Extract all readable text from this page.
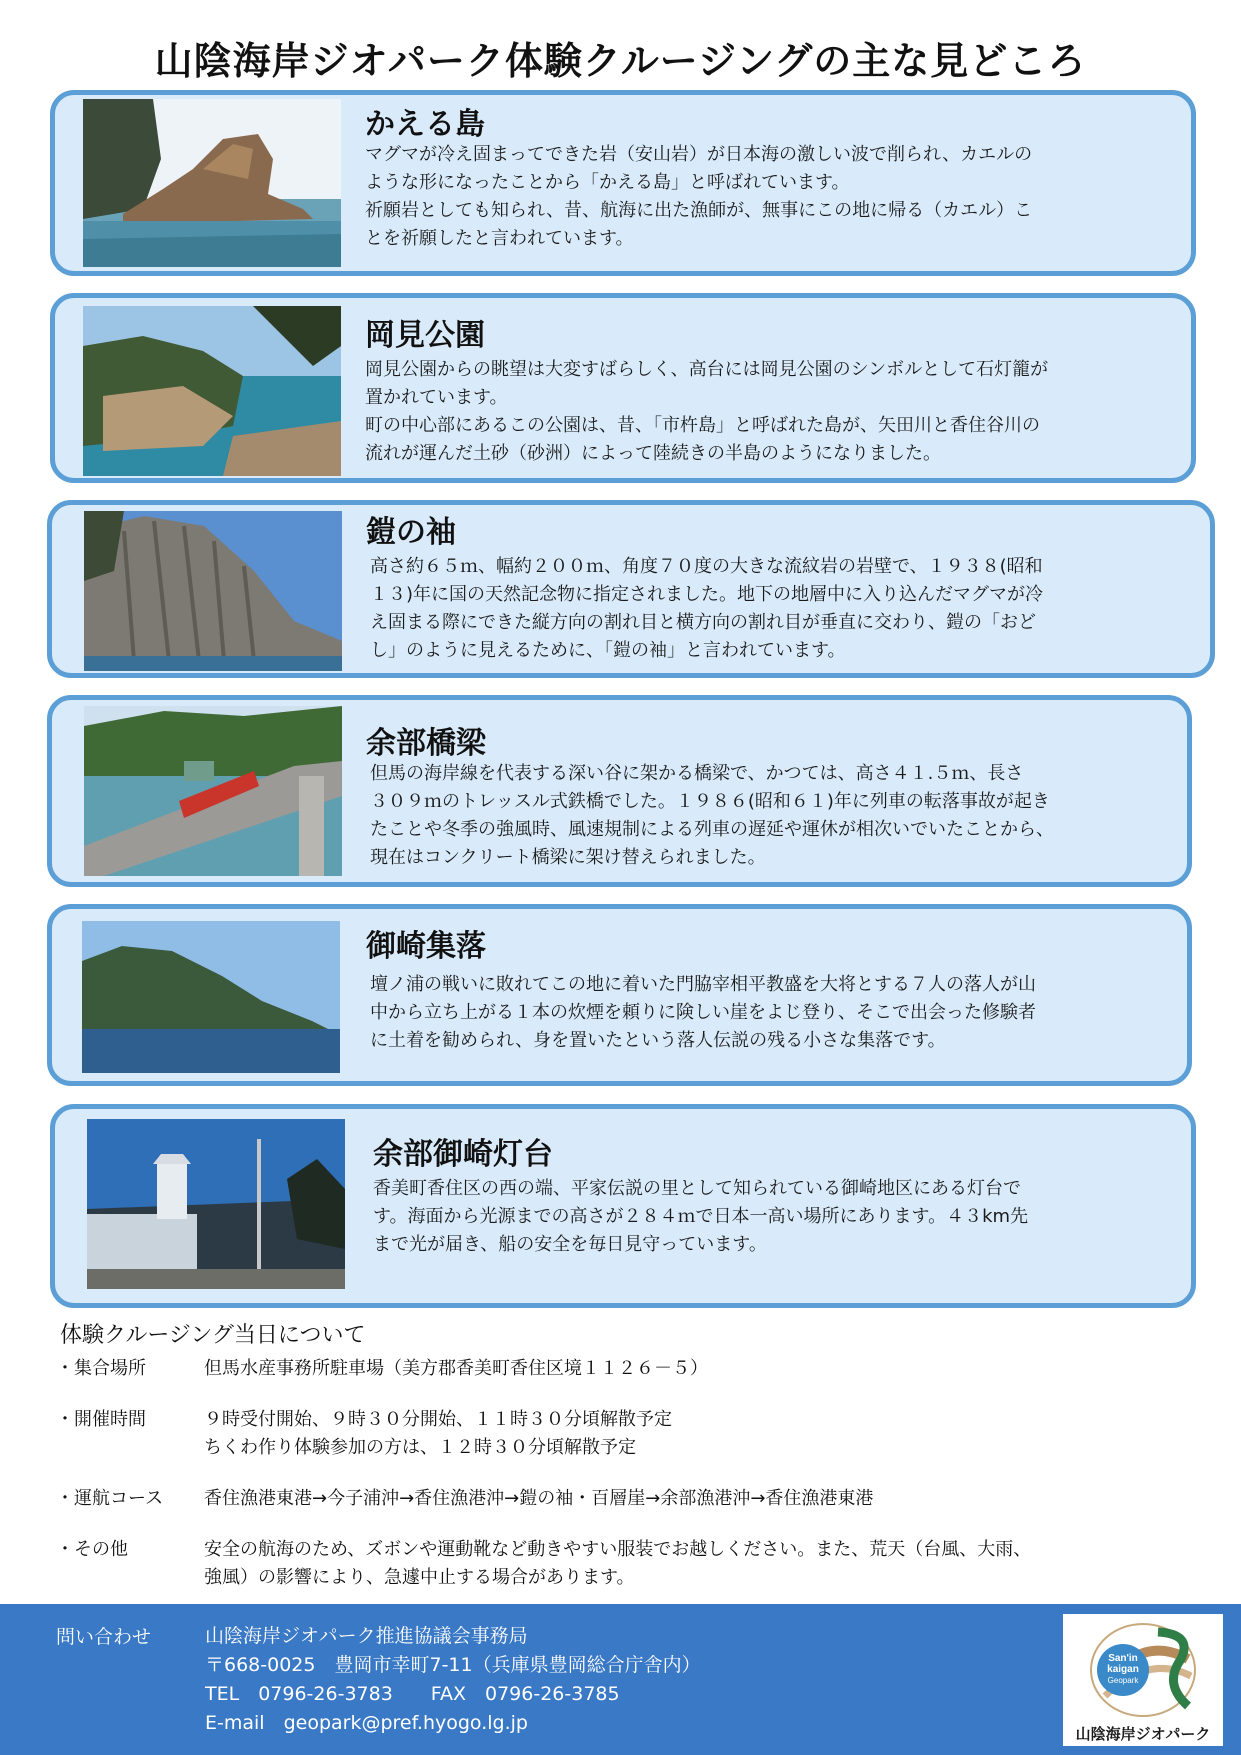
山陰海岸ジオパーク体験クルージングの主な見どころ
かえる島

マグマが冷え固まってできた岩（安山岩）が日本海の激しい波で削られ、カエルの
ような形になったことから「かえる島」と呼ばれています。
祈願岩としても知られ、昔、航海に出た漁師が、無事にこの地に帰る（カエル）こ
とを祈願したと言われています。

岡見公園

岡見公園からの眺望は大変すばらしく、高台には岡見公園のシンボルとして石灯籠が
置かれています。
町の中心部にあるこの公園は、昔、「市杵島」と呼ばれた島が、矢田川と香住谷川の
流れが運んだ土砂（砂洲）によって陸続きの半島のようになりました。

鎧の袖

高さ約６５ｍ、幅約２００ｍ、角度７０度の大きな流紋岩の岩壁で、１９３８(昭和
１３)年に国の天然記念物に指定されました。地下の地層中に入り込んだマグマが冷
え固まる際にできた縦方向の割れ目と横方向の割れ目が垂直に交わり、鎧の「おど
し」のように見えるために、「鎧の袖」と言われています。

余部橋梁

但馬の海岸線を代表する深い谷に架かる橋梁で、かつては、高さ４１.５ｍ、長さ
３０９ｍのトレッスル式鉄橋でした。１９８６(昭和６１)年に列車の転落事故が起き
たことや冬季の強風時、風速規制による列車の遅延や運休が相次いでいたことから、
現在はコンクリート橋梁に架け替えられました。

御崎集落

壇ノ浦の戦いに敗れてこの地に着いた門脇宰相平教盛を大将とする７人の落人が山
中から立ち上がる１本の炊煙を頼りに険しい崖をよじ登り、そこで出会った修験者
に土着を勧められ、身を置いたという落人伝説の残る小さな集落です。

余部御崎灯台

香美町香住区の西の端、平家伝説の里として知られている御崎地区にある灯台で
す。海面から光源までの高さが２８４ｍで日本一高い場所にあります。４３km先
まで光が届き、船の安全を毎日見守っています。

体験クルージング当日について
・集合場所	但馬水産事務所駐車場（美方郡香美町香住区境１１２６－５）
・開催時間	９時受付開始、９時３０分開始、１１時３０分頃解散予定
ちくわ作り体験参加の方は、１２時３０分頃解散予定
・運航コース 香住漁港東港→今子浦沖→香住漁港沖→鎧の袖・百層崖→余部漁港沖→香住漁港東港
・その他	安全の航海のため、ズボンや運動靴など動きやすい服装でお越しください。また、荒天（台風、大雨、
強風）の影響により、急遽中止する場合があります。
問い合わせ	山陰海岸ジオパーク推進協議会事務局
〒668-0025　豊岡市幸町7-11（兵庫県豊岡総合庁舎内）
TEL　0796-26-3783　　FAX　0796-26-3785
E-mail　geopark@pref.hyogo.lg.jp
San'in
kaigan
Geopark
山陰海岸ジオパーク
